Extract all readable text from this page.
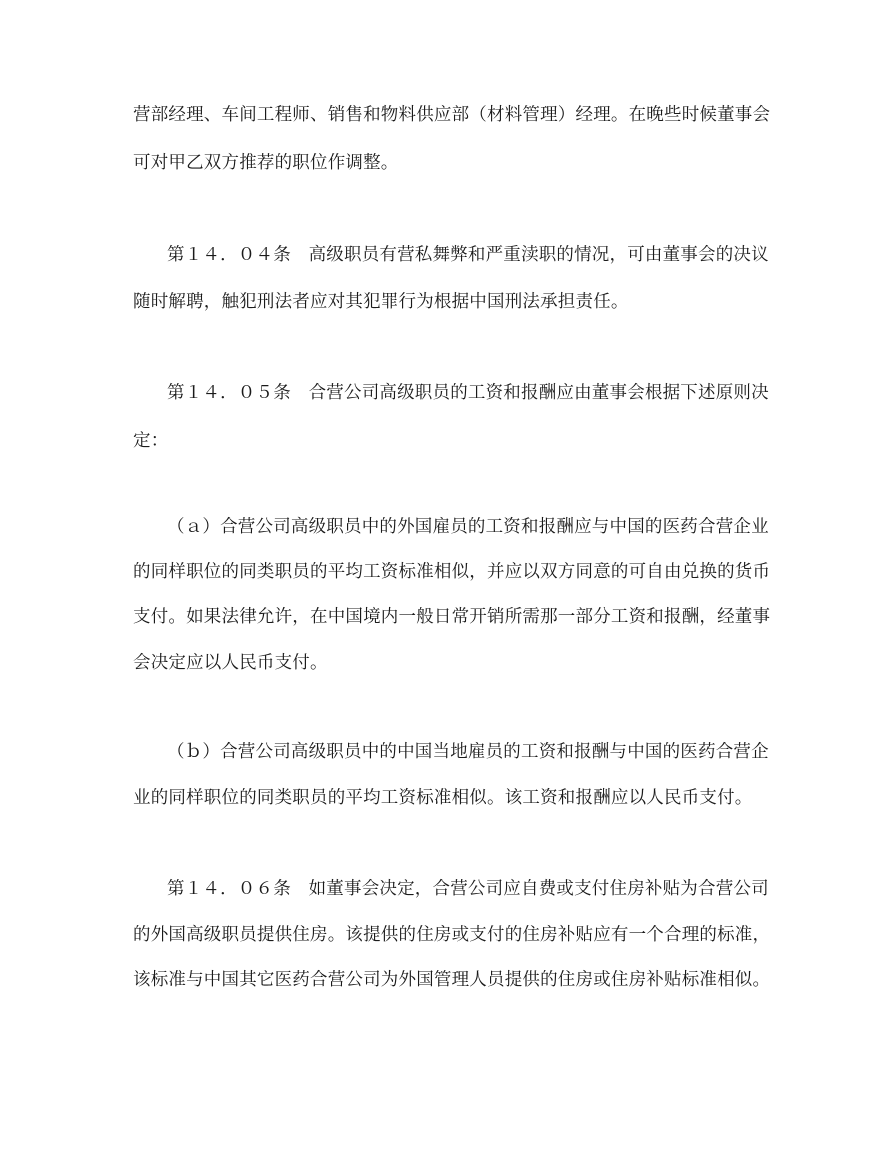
营部经理、车间工程师、销售和物料供应部（材料管理）经理。在晚些时候董事会
可对甲乙双方推荐的职位作调整。
第１４．０４条　高级职员有营私舞弊和严重渎职的情况，可由董事会的决议
随时解聘，触犯刑法者应对其犯罪行为根据中国刑法承担责任。
第１４．０５条　合营公司高级职员的工资和报酬应由董事会根据下述原则决
定：
（ａ）合营公司高级职员中的外国雇员的工资和报酬应与中国的医药合营企业
的同样职位的同类职员的平均工资标准相似，并应以双方同意的可自由兑换的货币
支付。如果法律允许，在中国境内一般日常开销所需那一部分工资和报酬，经董事
会决定应以人民币支付。
（ｂ）合营公司高级职员中的中国当地雇员的工资和报酬与中国的医药合营企
业的同样职位的同类职员的平均工资标准相似。该工资和报酬应以人民币支付。
第１４．０６条　如董事会决定，合营公司应自费或支付住房补贴为合营公司
的外国高级职员提供住房。该提供的住房或支付的住房补贴应有一个合理的标准，
该标准与中国其它医药合营公司为外国管理人员提供的住房或住房补贴标准相似。
